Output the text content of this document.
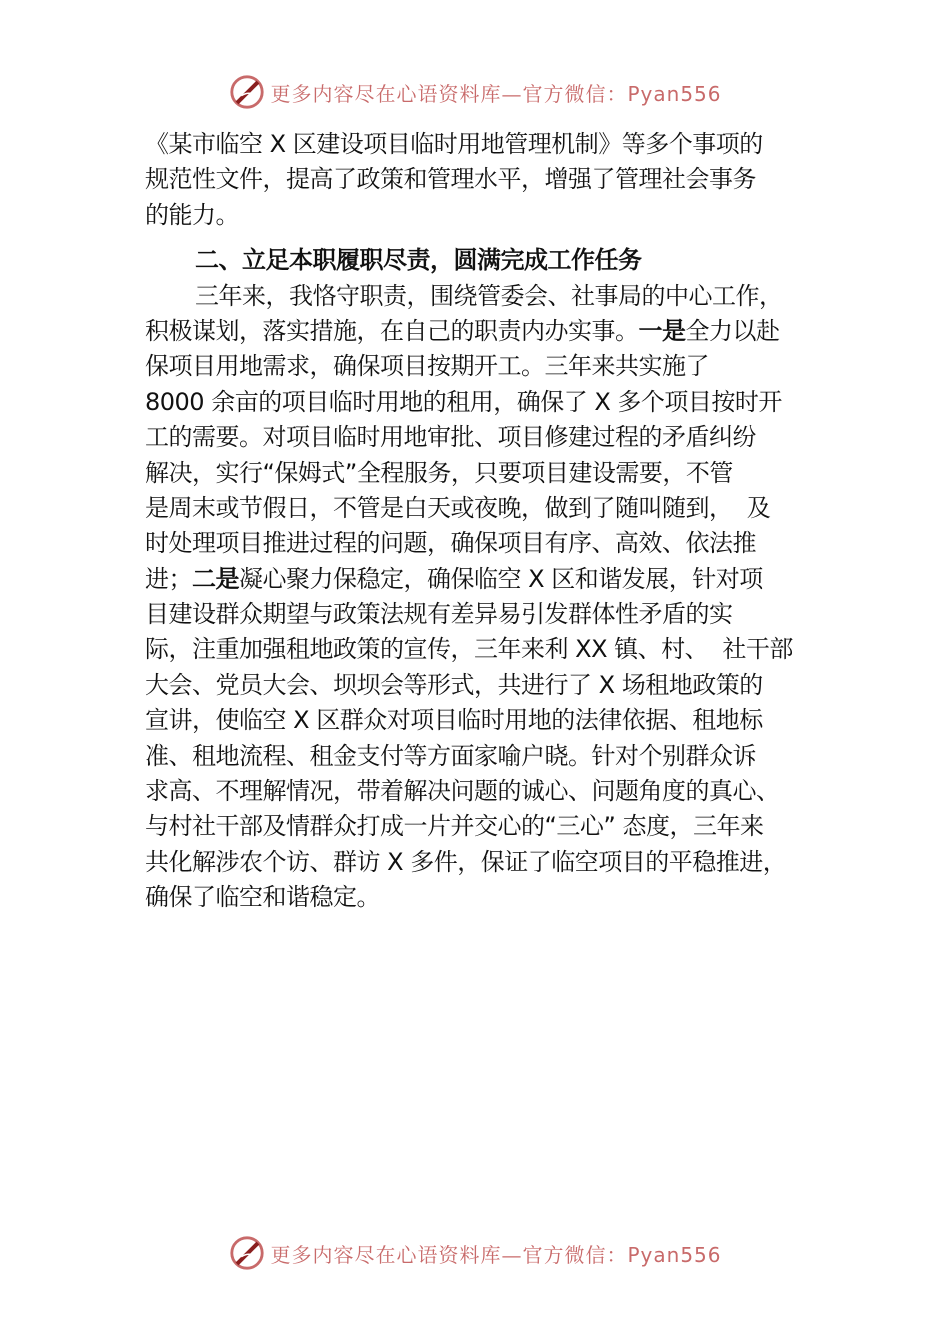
更多内容尽在心语资料库—官方微信：Pyan556
《某市临空 X 区建设项目临时用地管理机制》等多个事项的
规范性文件，提高了政策和管理水平，增强了管理社会事务
的能力。
二、立足本职履职尽责，圆满完成工作任务
三年来，我恪守职责，围绕管委会、社事局的中心工作，
积极谋划，落实措施，在自己的职责内办实事。一是全力以赴
保项目用地需求，确保项目按期开工。三年来共实施了
8000 余亩的项目临时用地的租用，确保了 X 多个项目按时开
工的需要。对项目临时用地审批、项目修建过程的矛盾纠纷
解决，实行“保姆式”全程服务，只要项目建设需要，不管
是周末或节假日，不管是白天或夜晚，做到了随叫随到，  及
时处理项目推进过程的问题，确保项目有序、高效、依法推
进；二是凝心聚力保稳定，确保临空 X 区和谐发展，针对项
目建设群众期望与政策法规有差异易引发群体性矛盾的实
际，注重加强租地政策的宣传，三年来利 XX 镇、村、  社干部
大会、党员大会、坝坝会等形式，共进行了 X 场租地政策的
宣讲，使临空 X 区群众对项目临时用地的法律依据、租地标
准、租地流程、租金支付等方面家喻户晓。针对个别群众诉
求高、不理解情况，带着解决问题的诚心、问题角度的真心、
与村社干部及情群众打成一片并交心的“三心” 态度，三年来
共化解涉农个访、群访 X 多件，保证了临空项目的平稳推进，
确保了临空和谐稳定。
更多内容尽在心语资料库—官方微信：Pyan556
